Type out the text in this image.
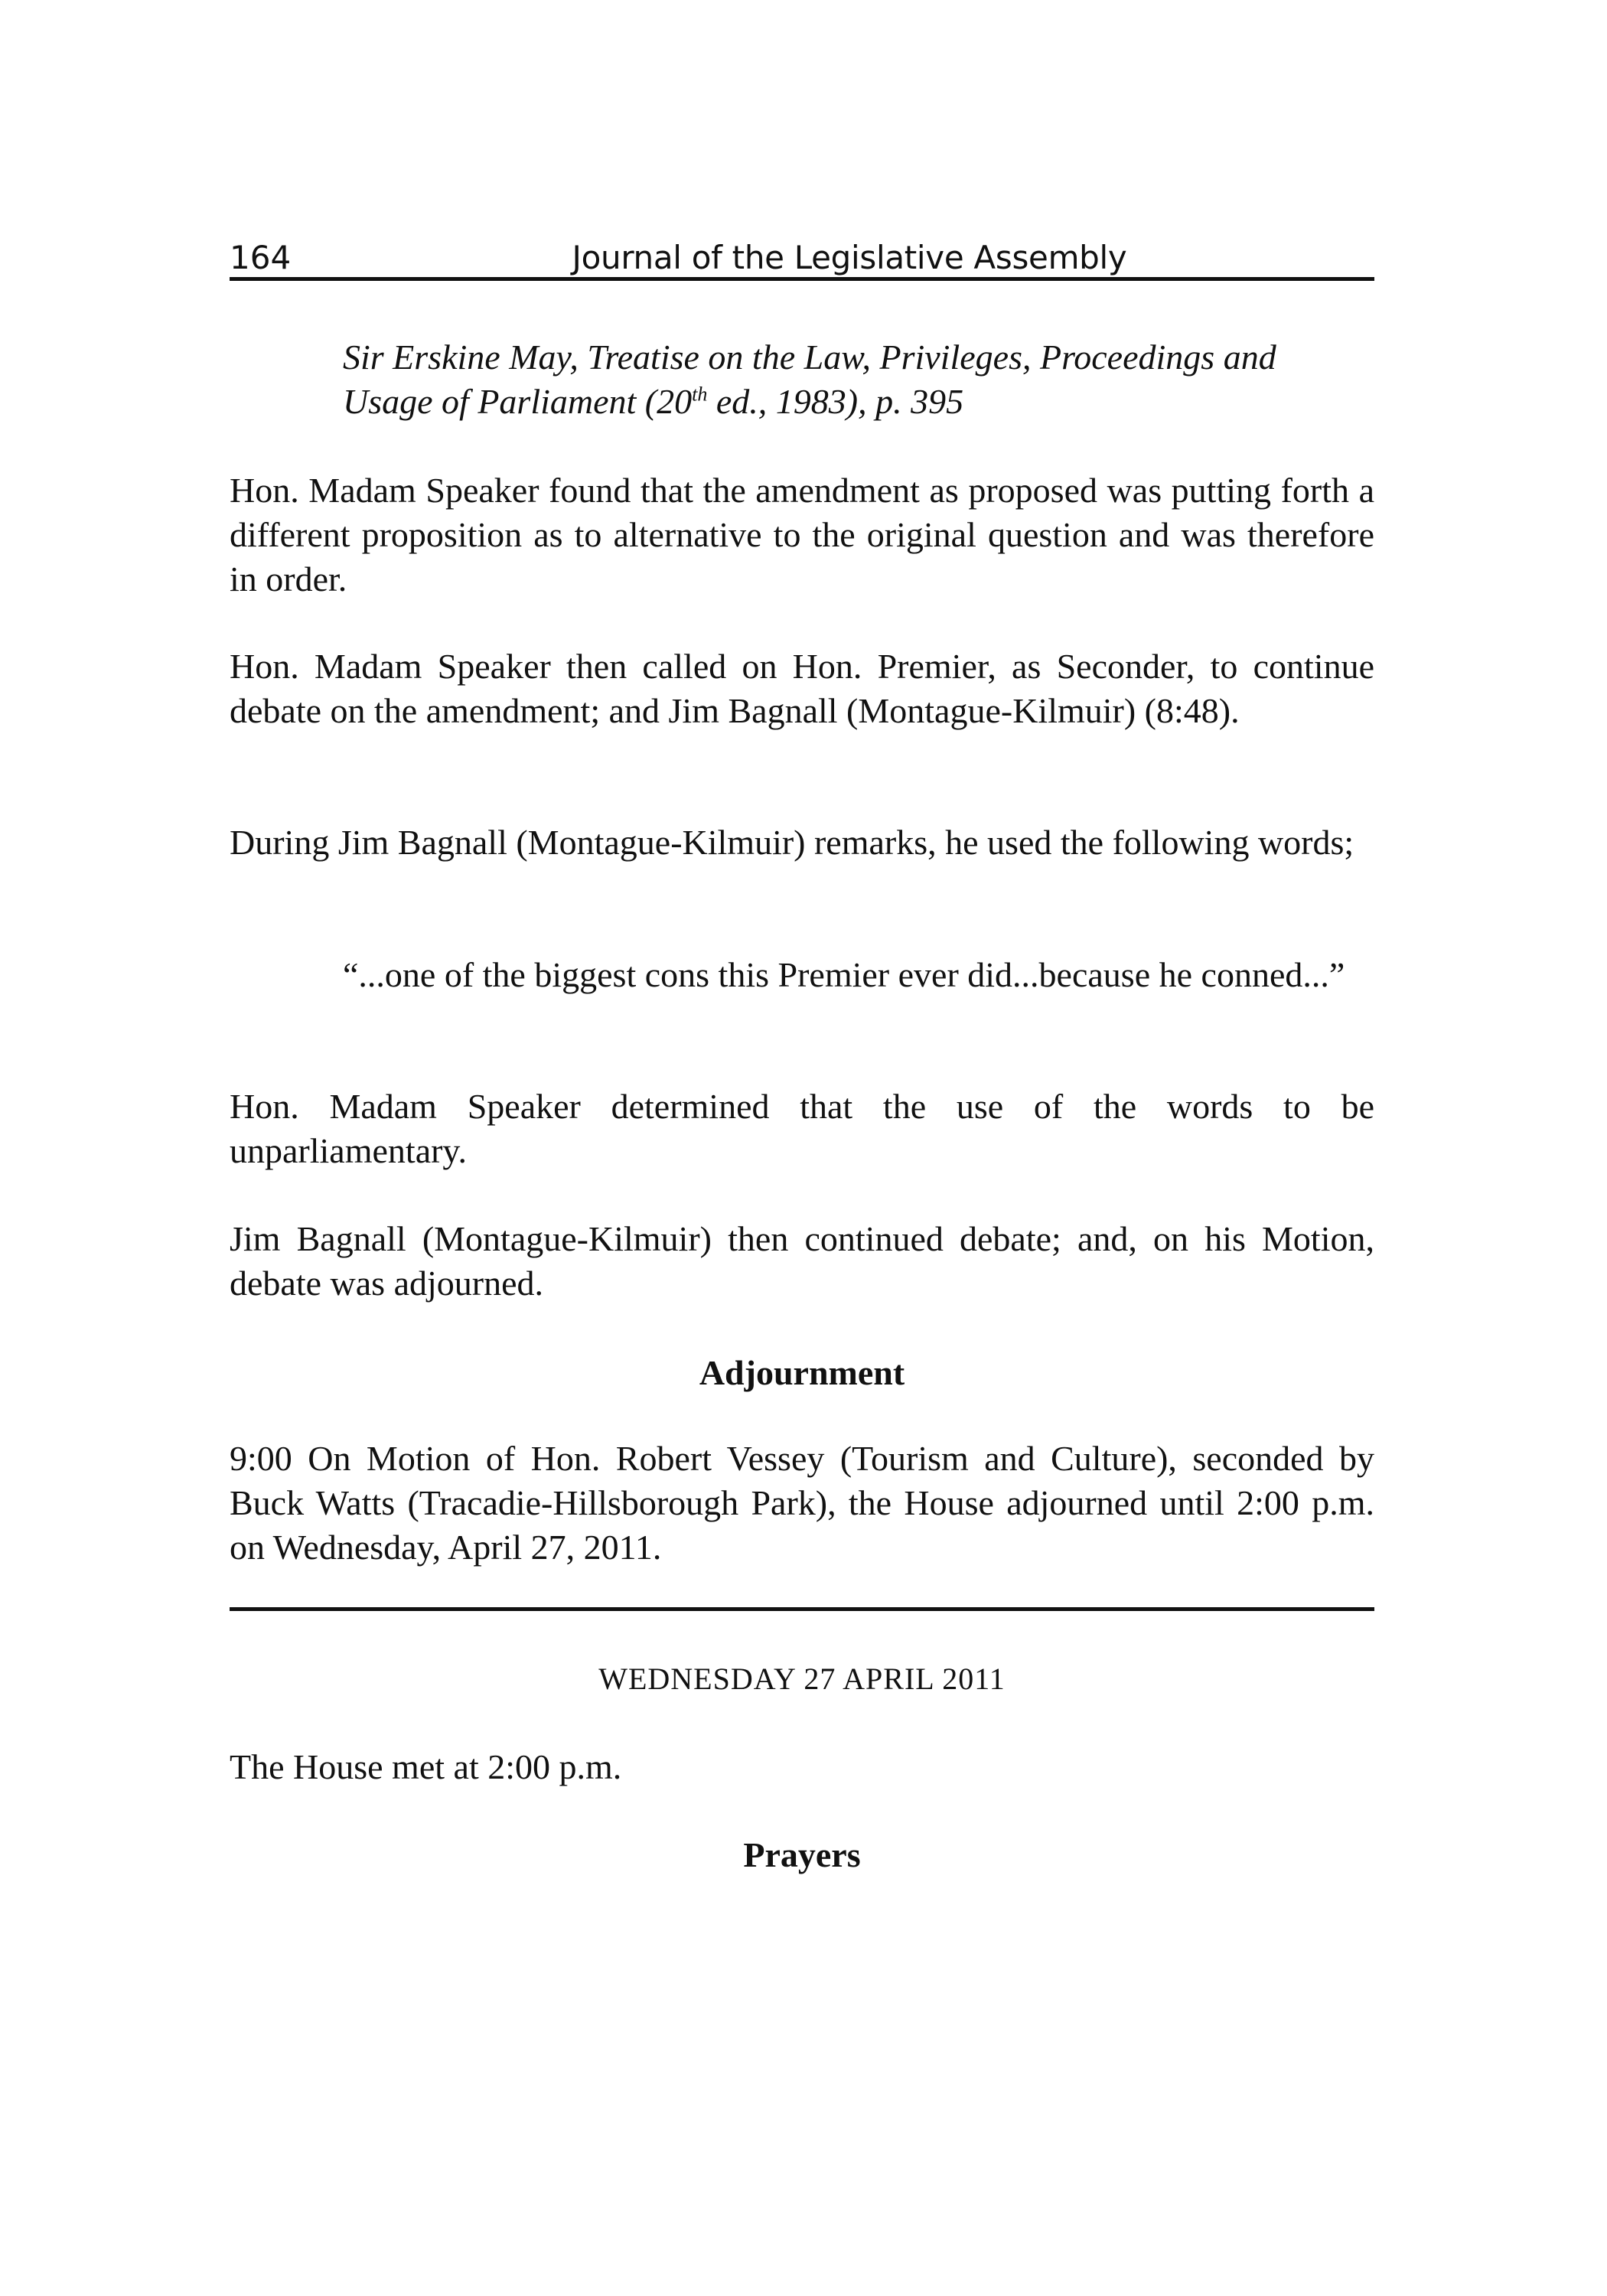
164	Journal of the Legislative Assembly
Sir Erskine May, Treatise on the Law, Privileges, Proceedings and Usage of Parliament (20th ed., 1983), p. 395
Hon. Madam Speaker found that the amendment as proposed was putting forth a different proposition as to alternative to the original question and was therefore in order.
Hon. Madam Speaker then called on Hon. Premier, as Seconder, to continue debate on the amendment; and Jim Bagnall (Montague-Kilmuir) (8:48).
During Jim Bagnall (Montague-Kilmuir) remarks, he used the following words;
“...one of the biggest cons this Premier ever did...because he conned...”
Hon. Madam Speaker determined that the use of the words to be unparliamentary.
Jim Bagnall (Montague-Kilmuir) then continued debate; and, on his Motion, debate was adjourned.
Adjournment
9:00 On Motion of Hon. Robert Vessey (Tourism and Culture), seconded by Buck Watts (Tracadie-Hillsborough Park), the House adjourned until 2:00 p.m. on Wednesday, April 27, 2011.
WEDNESDAY 27 APRIL 2011
The House met at 2:00 p.m.
Prayers
